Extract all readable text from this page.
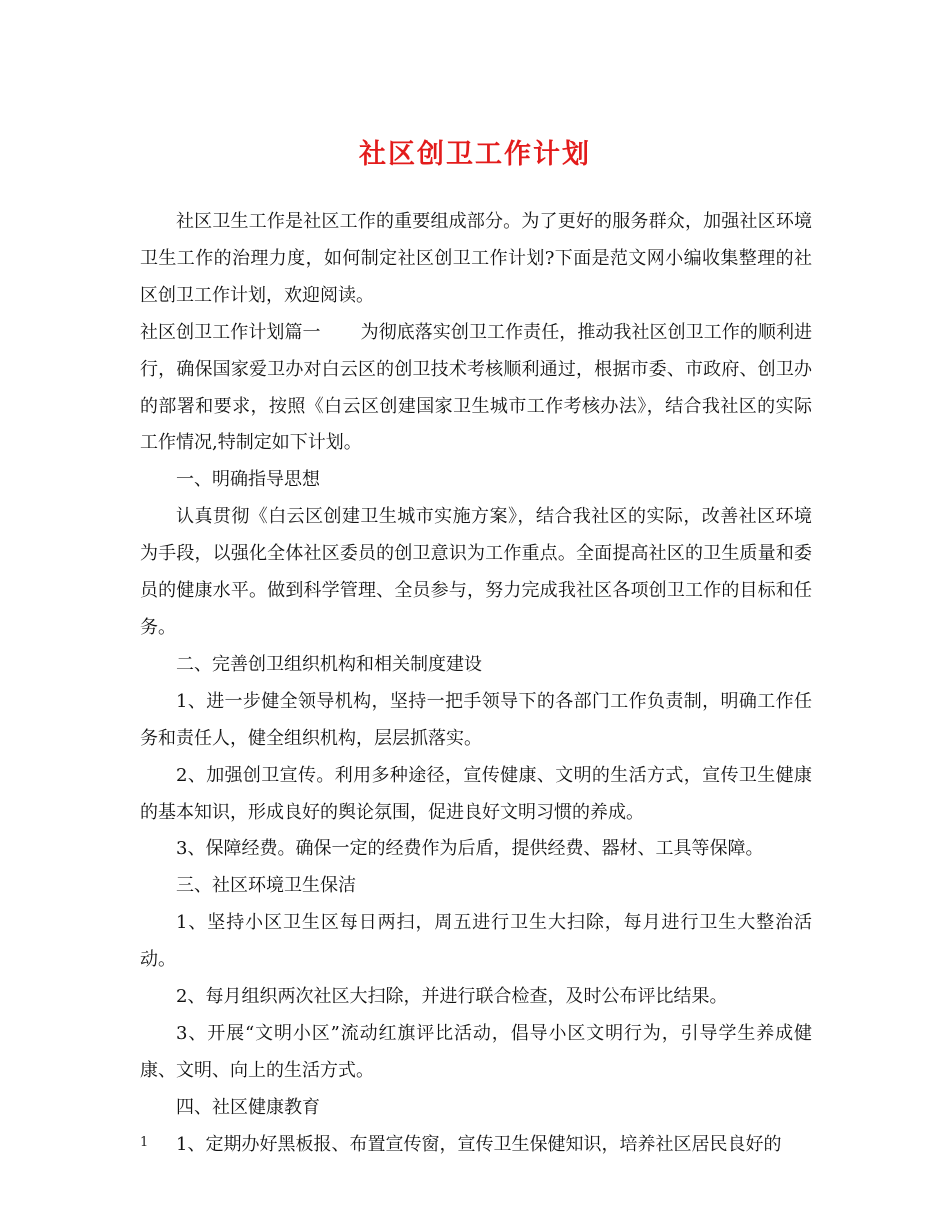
社区创卫工作计划

社区卫生工作是社区工作的重要组成部分。为了更好的服务群众，加强社区环境卫生工作的治理力度，如何制定社区创卫工作计划?下面是范文网小编收集整理的社区创卫工作计划，欢迎阅读。

社区创卫工作计划篇一 为彻底落实创卫工作责任，推动我社区创卫工作的顺利进行，确保国家爱卫办对白云区的创卫技术考核顺利通过，根据市委、市政府、创卫办的部署和要求，按照《白云区创建国家卫生城市工作考核办法》，结合我社区的实际工作情况,特制定如下计划。

一、明确指导思想

认真贯彻《白云区创建卫生城市实施方案》，结合我社区的实际，改善社区环境为手段，以强化全体社区委员的创卫意识为工作重点。全面提高社区的卫生质量和委员的健康水平。做到科学管理、全员参与，努力完成我社区各项创卫工作的目标和任务。

二、完善创卫组织机构和相关制度建设

1、进一步健全领导机构，坚持一把手领导下的各部门工作负责制，明确工作任务和责任人，健全组织机构，层层抓落实。

2、加强创卫宣传。利用多种途径，宣传健康、文明的生活方式，宣传卫生健康的基本知识，形成良好的舆论氛围，促进良好文明习惯的养成。

3、保障经费。确保一定的经费作为后盾，提供经费、器材、工具等保障。

三、社区环境卫生保洁

1、坚持小区卫生区每日两扫，周五进行卫生大扫除，每月进行卫生大整治活动。

2、每月组织两次社区大扫除，并进行联合检查，及时公布评比结果。

3、开展“文明小区”流动红旗评比活动，倡导小区文明行为，引导学生养成健康、文明、向上的生活方式。

四、社区健康教育

1、定期办好黑板报、布置宣传窗，宣传卫生保健知识，培养社区居民良好的

1
